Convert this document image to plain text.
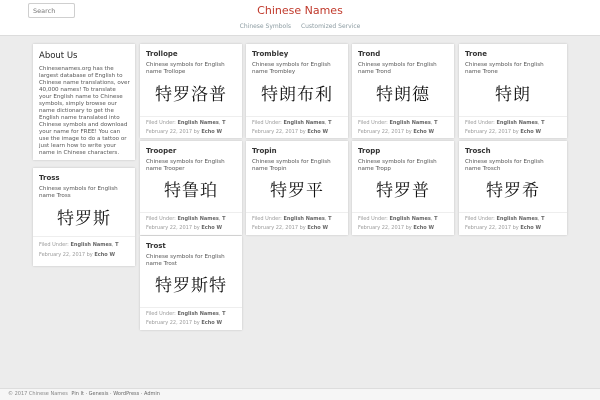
Search
Chinese Names
Chinese Symbols Customized Service
About Us
Chinesenames.org has the largest database of English to Chinese name translations, over 40,000 names! To translate your English name to Chinese symbols, simply browse our name dictionary to get the English name translated into Chinese symbols and download your name for FREE! You can use the image to do a tattoo or just learn how to write your name in Chinese characters.
Tross
Chinese symbols for English name Tross
特罗斯
Filed Under: English Names, T
February 22, 2017 by Echo W
Trollope
Chinese symbols for English name Trollope
特罗洛普
Filed Under: English Names, T
February 22, 2017 by Echo W
Trooper
Chinese symbols for English name Trooper
特鲁珀
Filed Under: English Names, T
February 22, 2017 by Echo W
Trost
Chinese symbols for English name Trost
特罗斯特
Filed Under: English Names, T
February 22, 2017 by Echo W
Trombley
Chinese symbols for English name Trombley
特朗布利
Filed Under: English Names, T
February 22, 2017 by Echo W
Tropin
Chinese symbols for English name Tropin
特罗平
Filed Under: English Names, T
February 22, 2017 by Echo W
Trond
Chinese symbols for English name Trond
特朗德
Filed Under: English Names, T
February 22, 2017 by Echo W
Tropp
Chinese symbols for English name Tropp
特罗普
Filed Under: English Names, T
February 22, 2017 by Echo W
Trone
Chinese symbols for English name Trone
特朗
Filed Under: English Names, T
February 22, 2017 by Echo W
Trosch
Chinese symbols for English name Trosch
特罗希
Filed Under: English Names, T
February 22, 2017 by Echo W
© 2017 Chinese Names Pin It · Genesis · WordPress · Admin
